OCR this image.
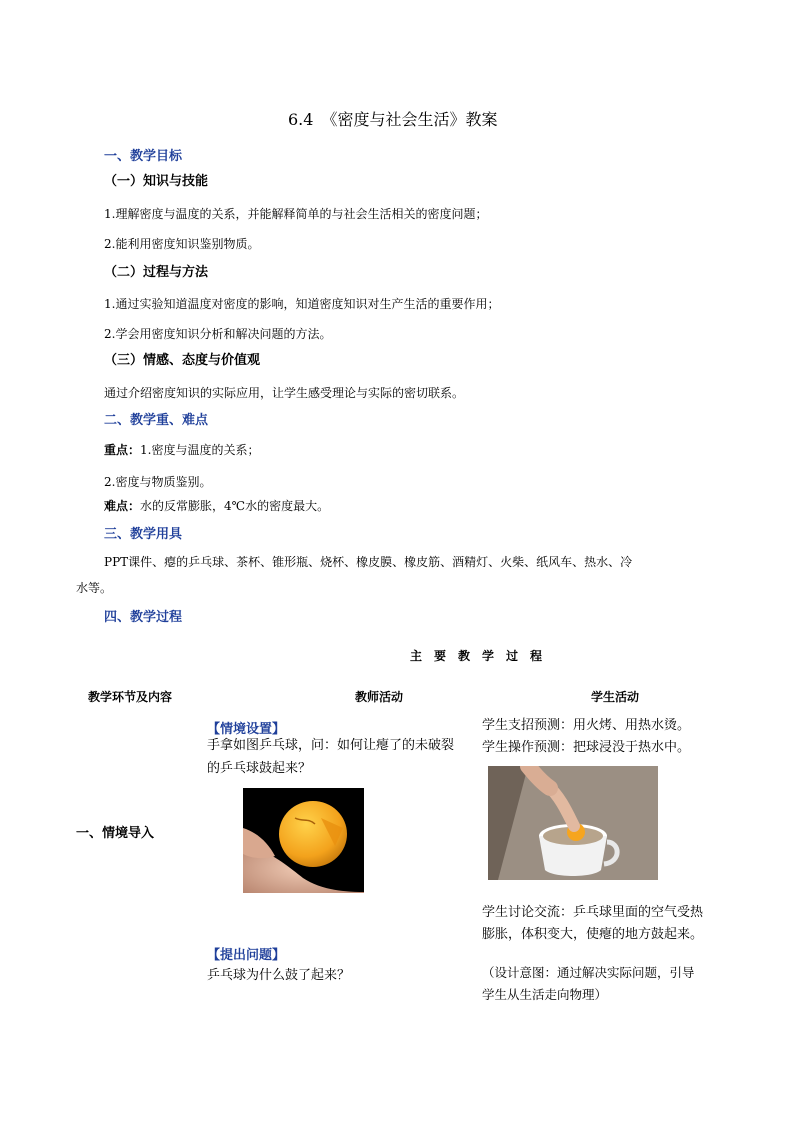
6.4　《密度与社会生活》教案
一、教学目标
（一）知识与技能
1.理解密度与温度的关系，并能解释简单的与社会生活相关的密度问题；
2.能利用密度知识鉴别物质。
（二）过程与方法
1.通过实验知道温度对密度的影响，知道密度知识对生产生活的重要作用；
2.学会用密度知识分析和解决问题的方法。
（三）情感、态度与价值观
通过介绍密度知识的实际应用，让学生感受理论与实际的密切联系。
二、教学重、难点
重点：1.密度与温度的关系；
2.密度与物质鉴别。
难点：水的反常膨胀，4℃水的密度最大。
三、教学用具
PPT课件、瘪的乒乓球、茶杯、锥形瓶、烧杯、橡皮膜、橡皮筋、酒精灯、火柴、纸风车、热水、冷
水等。
四、教学过程
主要教学过程
教学环节及内容	教师活动	学生活动
一、情境导入
【情境设置】
手拿如图乒乓球，问：如何让瘪了的未破裂
的乒乓球鼓起来？
【提出问题】
乒乓球为什么鼓了起来？
学生支招预测：用火烤、用热水烫。
学生操作预测：把球浸没于热水中。
学生讨论交流：乒乓球里面的空气受热
膨胀，体积变大，使瘪的地方鼓起来。
（设计意图：通过解决实际问题，引导
学生从生活走向物理）
